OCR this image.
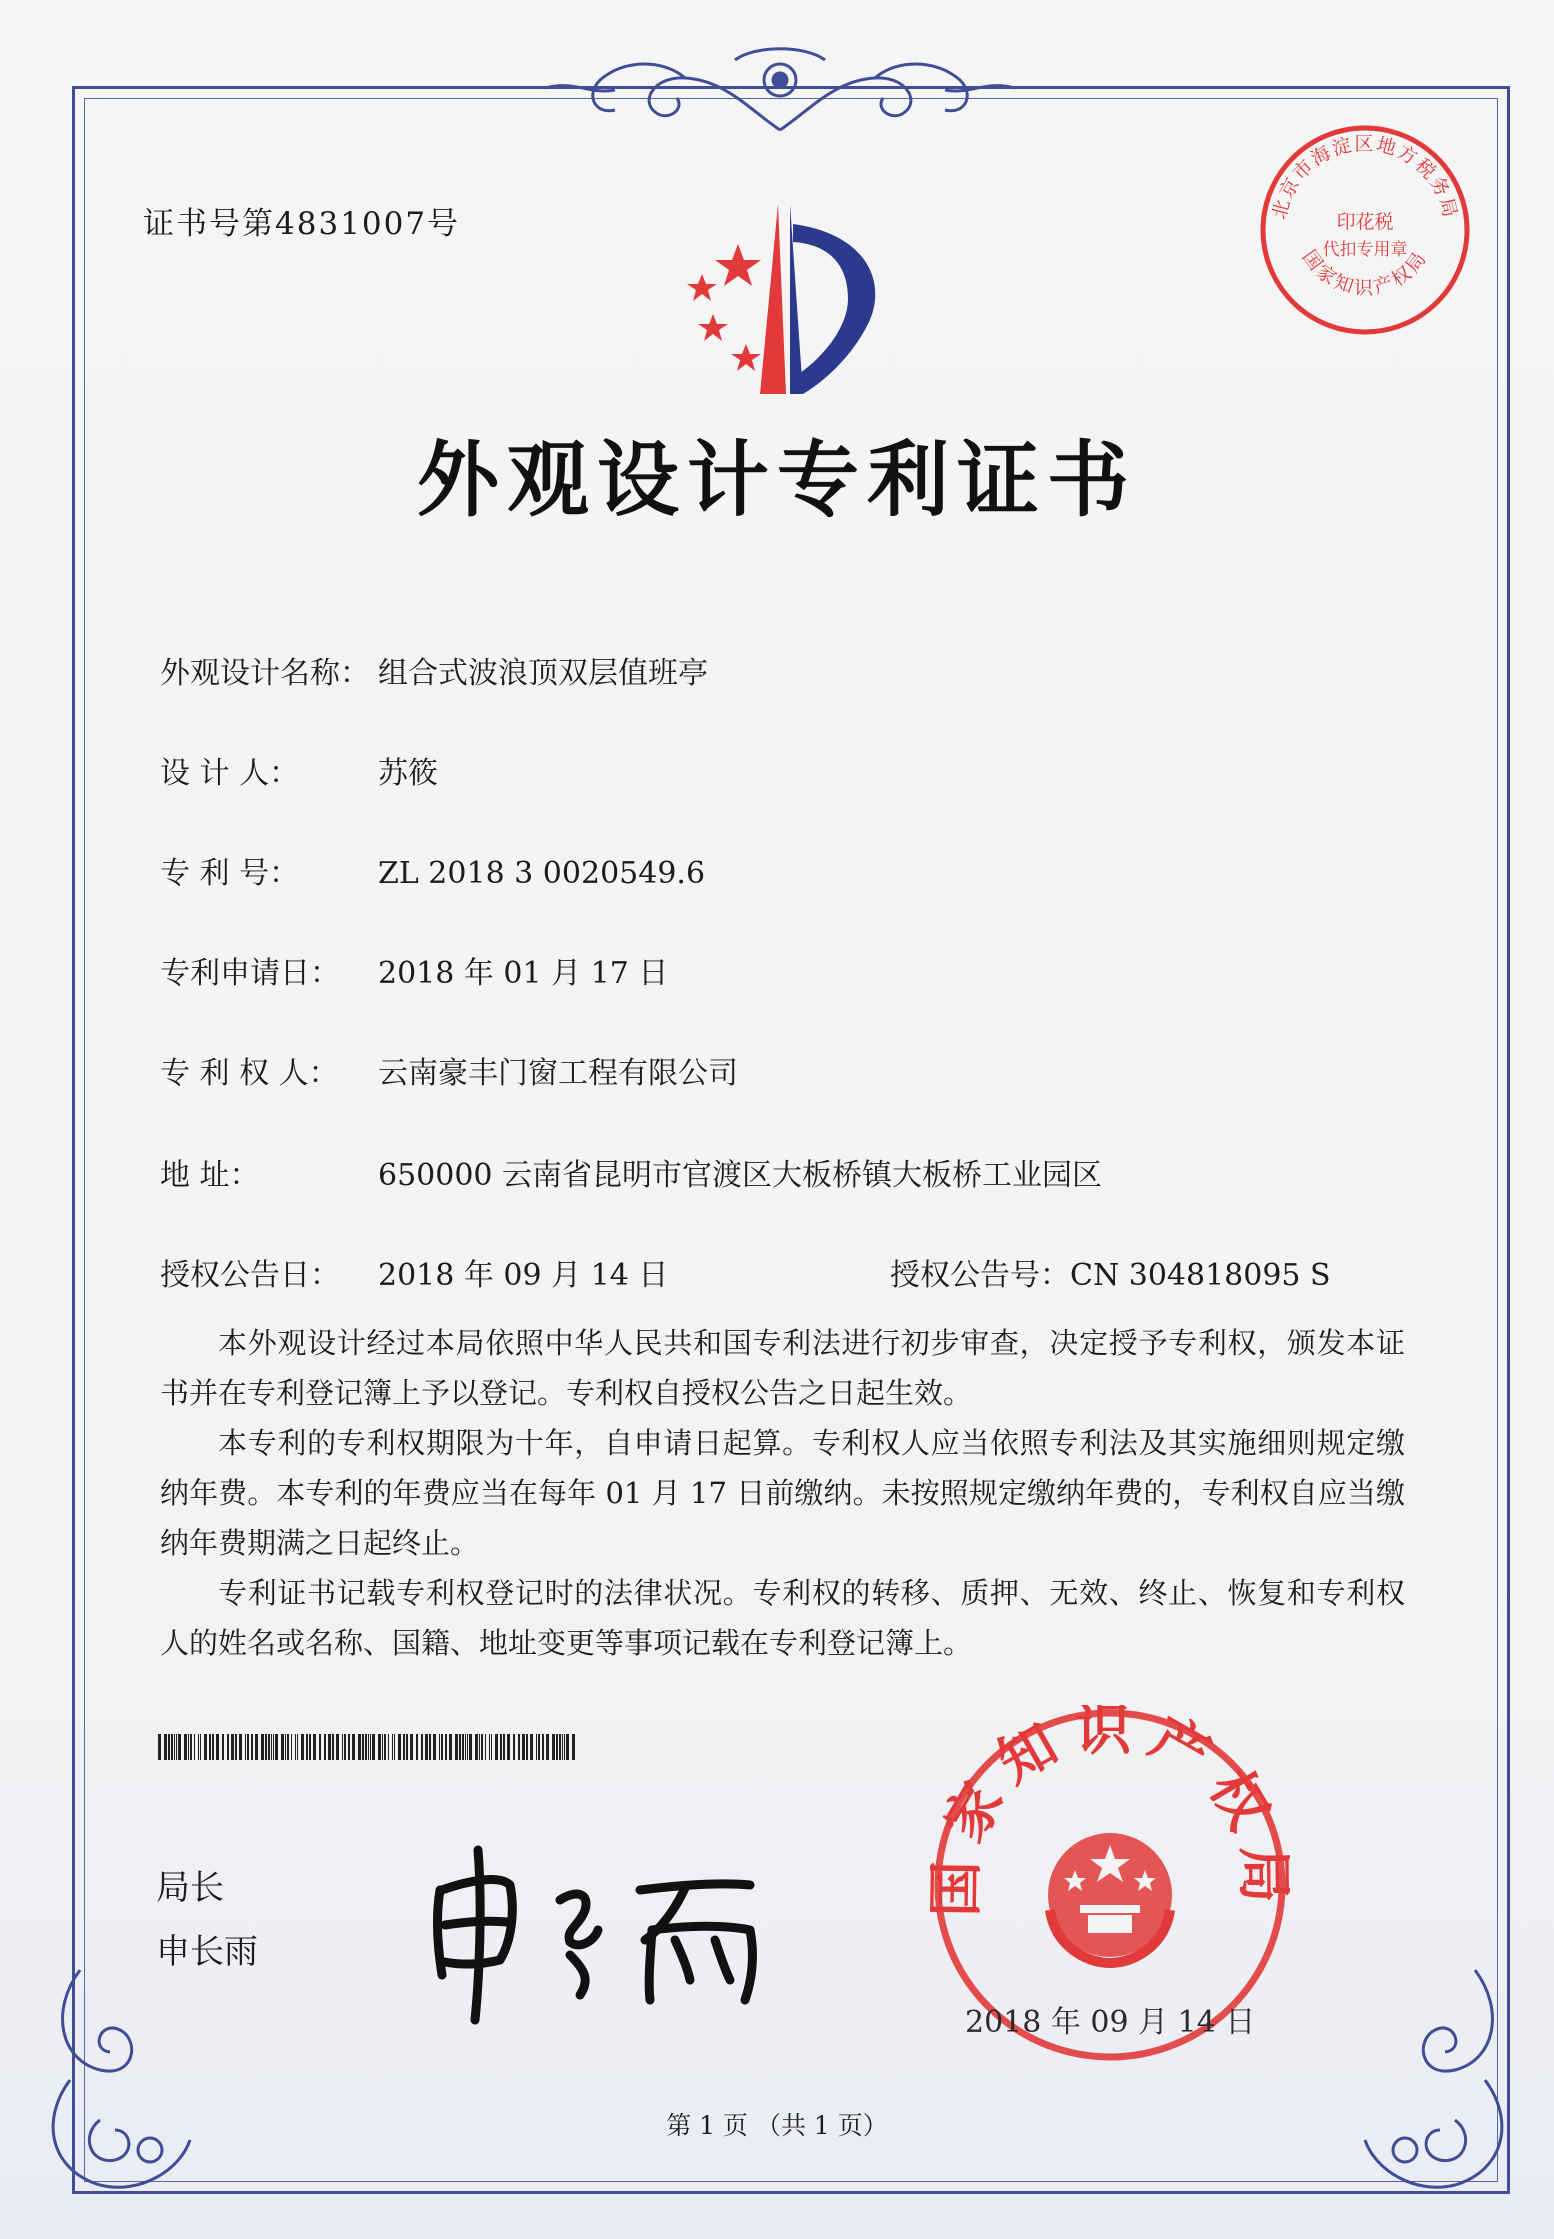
证书号第4831007号	北京市海淀区地方税务局
印花税
代扣专用章
国家知识产权局
外观设计专利证书
外观设计名称： 组合式波浪顶双层值班亭
设 计 人：	苏筱
专 利 号：	ZL 2018 3 0020549.6
专利申请日： 2018 年 01 月 17 日
专 利 权 人： 云南豪丰门窗工程有限公司
地 址：	650000 云南省昆明市官渡区大板桥镇大板桥工业园区
授权公告日： 2018 年 09 月 14 日	授权公告号：CN 304818095 S

本外观设计经过本局依照中华人民共和国专利法进行初步审查，决定授予专利权，颁发本证书并在专利登记簿上予以登记。专利权自授权公告之日起生效。

本专利的专利权期限为十年，自申请日起算。专利权人应当依照专利法及其实施细则规定缴纳年费。本专利的年费应当在每年 01 月 17 日前缴纳。未按照规定缴纳年费的，专利权自应当缴纳年费期满之日起终止。

专利证书记载专利权登记时的法律状况。专利权的转移、质押、无效、终止、恢复和专利权人的姓名或名称、国籍、地址变更等事项记载在专利登记簿上。

局长
申长雨
国家知识产权局
2018 年 09 月 14 日
第 1 页 （共 1 页）
